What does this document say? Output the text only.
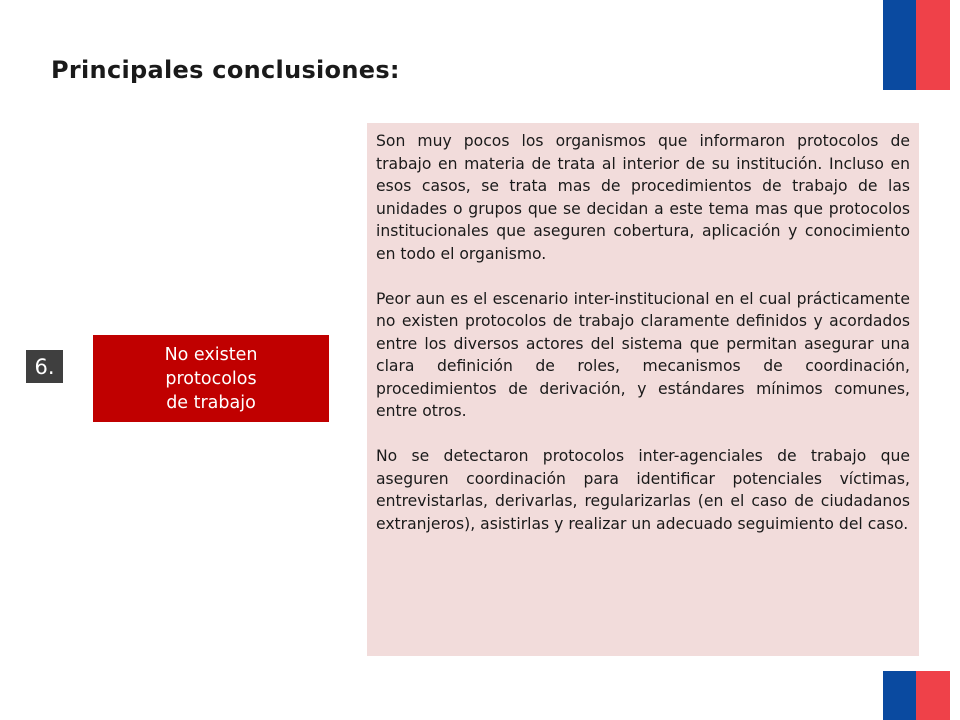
Principales conclusiones:
6.	No existen
protocolos
de trabajo

Son muy pocos los organismos que informaron protocolos de trabajo en materia de trata al interior de su institución. Incluso en esos casos, se trata mas de procedimientos de trabajo de las unidades o grupos que se decidan a este tema mas que protocolos institucionales que aseguren cobertura, aplicación y conocimiento en todo el organismo.

Peor aun es el escenario inter-institucional en el cual prácticamente no existen protocolos de trabajo claramente definidos y acordados entre los diversos actores del sistema que permitan asegurar una clara definición de roles, mecanismos de coordinación, procedimientos de derivación, y estándares mínimos comunes, entre otros.

No se detectaron protocolos inter-agenciales de trabajo que aseguren coordinación para identificar potenciales víctimas, entrevistarlas, derivarlas, regularizarlas (en el caso de ciudadanos extranjeros), asistirlas y realizar un adecuado seguimiento del caso.
